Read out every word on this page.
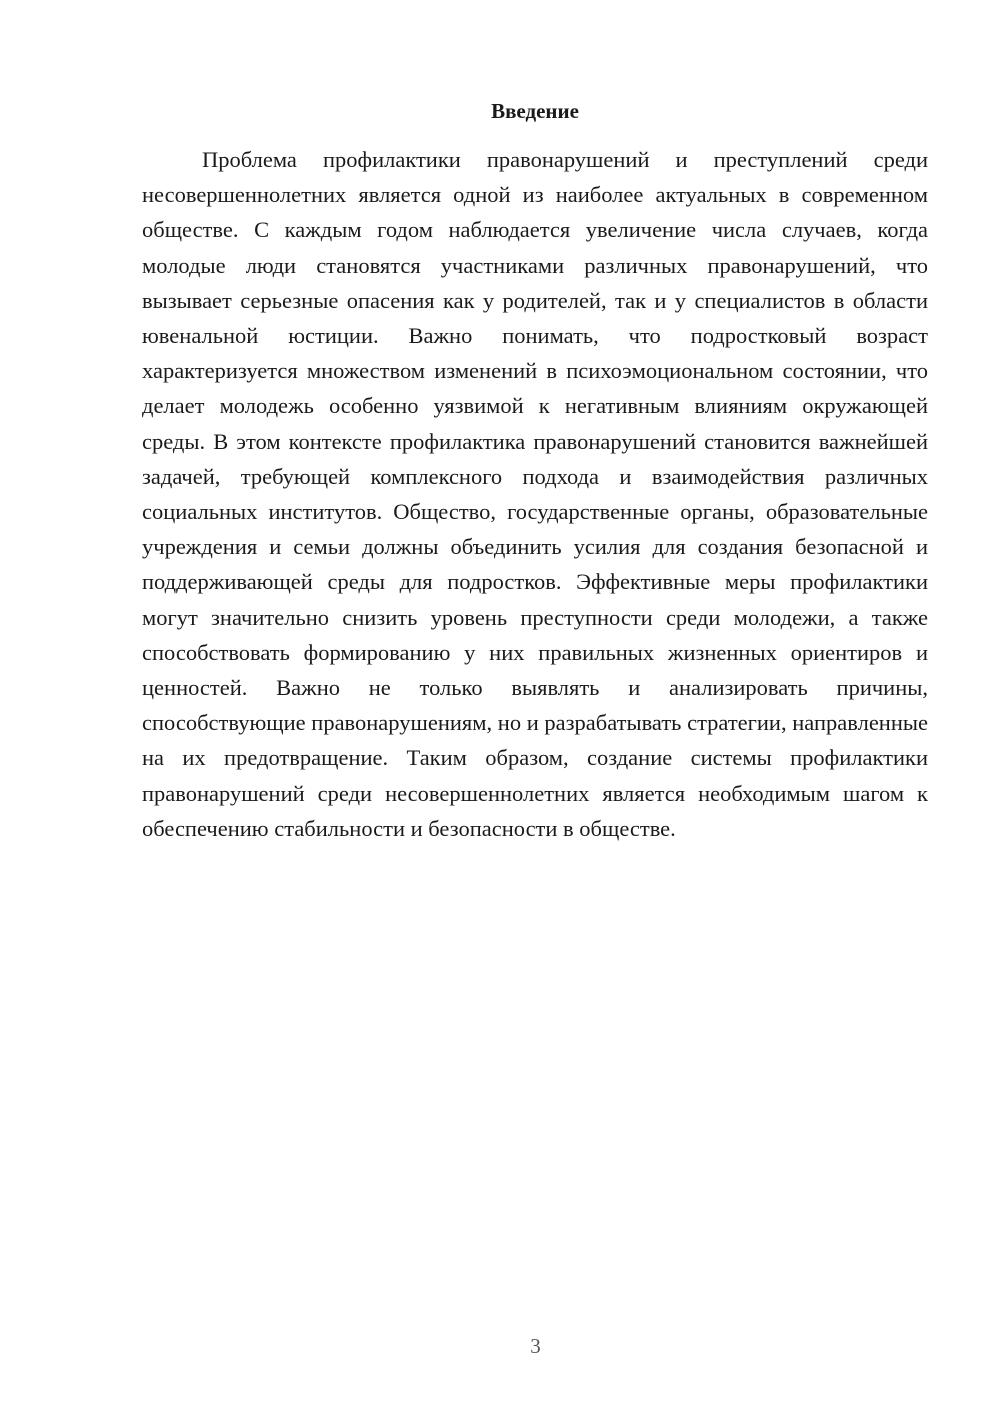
Введение

Проблема профилактики правонарушений и преступлений среди несовершеннолетних является одной из наиболее актуальных в современном обществе. С каждым годом наблюдается увеличение числа случаев, когда молодые люди становятся участниками различных правонарушений, что вызывает серьезные опасения как у родителей, так и у специалистов в области ювенальной юстиции. Важно понимать, что подростковый возраст характеризуется множеством изменений в психоэмоциональном состоянии, что делает молодежь особенно уязвимой к негативным влияниям окружающей среды. В этом контексте профилактика правонарушений становится важнейшей задачей, требующей комплексного подхода и взаимодействия различных социальных институтов. Общество, государственные органы, образовательные учреждения и семьи должны объединить усилия для создания безопасной и поддерживающей среды для подростков. Эффективные меры профилактики могут значительно снизить уровень преступности среди молодежи, а также способствовать формированию у них правильных жизненных ориентиров и ценностей. Важно не только выявлять и анализировать причины, способствующие правонарушениям, но и разрабатывать стратегии, направленные на их предотвращение. Таким образом, создание системы профилактики правонарушений среди несовершеннолетних является необходимым шагом к обеспечению стабильности и безопасности в обществе.

3
